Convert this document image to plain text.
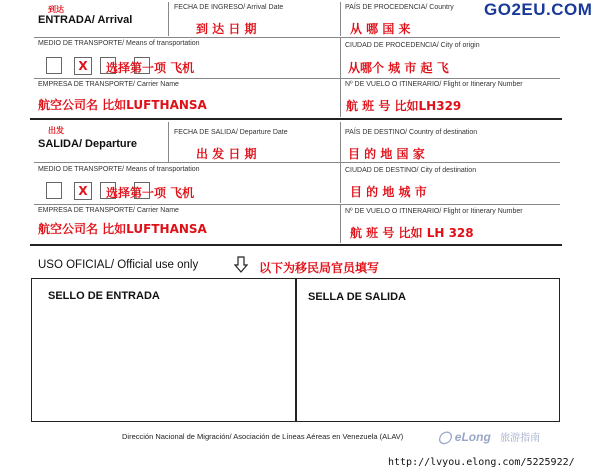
GO2EU.COM
到达
ENTRADA/ Arrival
FECHA DE INGRESO/ Arrival Date
到 达 日 期
PAÍS DE PROCEDENCIA/ Country
从 哪 国 来
MEDIO DE TRANSPORTE/ Means of transportation
X	选择第一项 飞机
CIUDAD DE PROCEDENCIA/ City of origin
从哪个 城 市 起 飞
EMPRESA DE TRANSPORTE/ Carrier Name
航空公司名 比如LUFTHANSA
Nº DE VUELO O ITINERARIO/ Flight or Itinerary Number
航 班 号 比如LH329
出发
SALIDA/ Departure
FECHA DE SALIDA/ Departure Date
出 发 日 期
PAÍS DE DESTINO/ Country of destination
目 的 地 国 家
MEDIO DE TRANSPORTE/ Means of transportation
X	选择第一项 飞机
CIUDAD DE DESTINO/ City of destination
目 的 地 城 市
EMPRESA DE TRANSPORTE/ Carrier Name
航空公司名 比如LUFTHANSA
Nº DE VUELO O ITINERARIO/ Flight or Itinerary Number
航 班 号 比如 LH 328
USO OFICIAL/ Official use only	以下为移民局官员填写
SELLO DE ENTRADA	SELLA DE SALIDA
Dirección Nacional de Migración/ Asociación de Líneas Aéreas en Venezuela (ALAV)	◯ eLong 旅游指南
http://lvyou.elong.com/5225922/
